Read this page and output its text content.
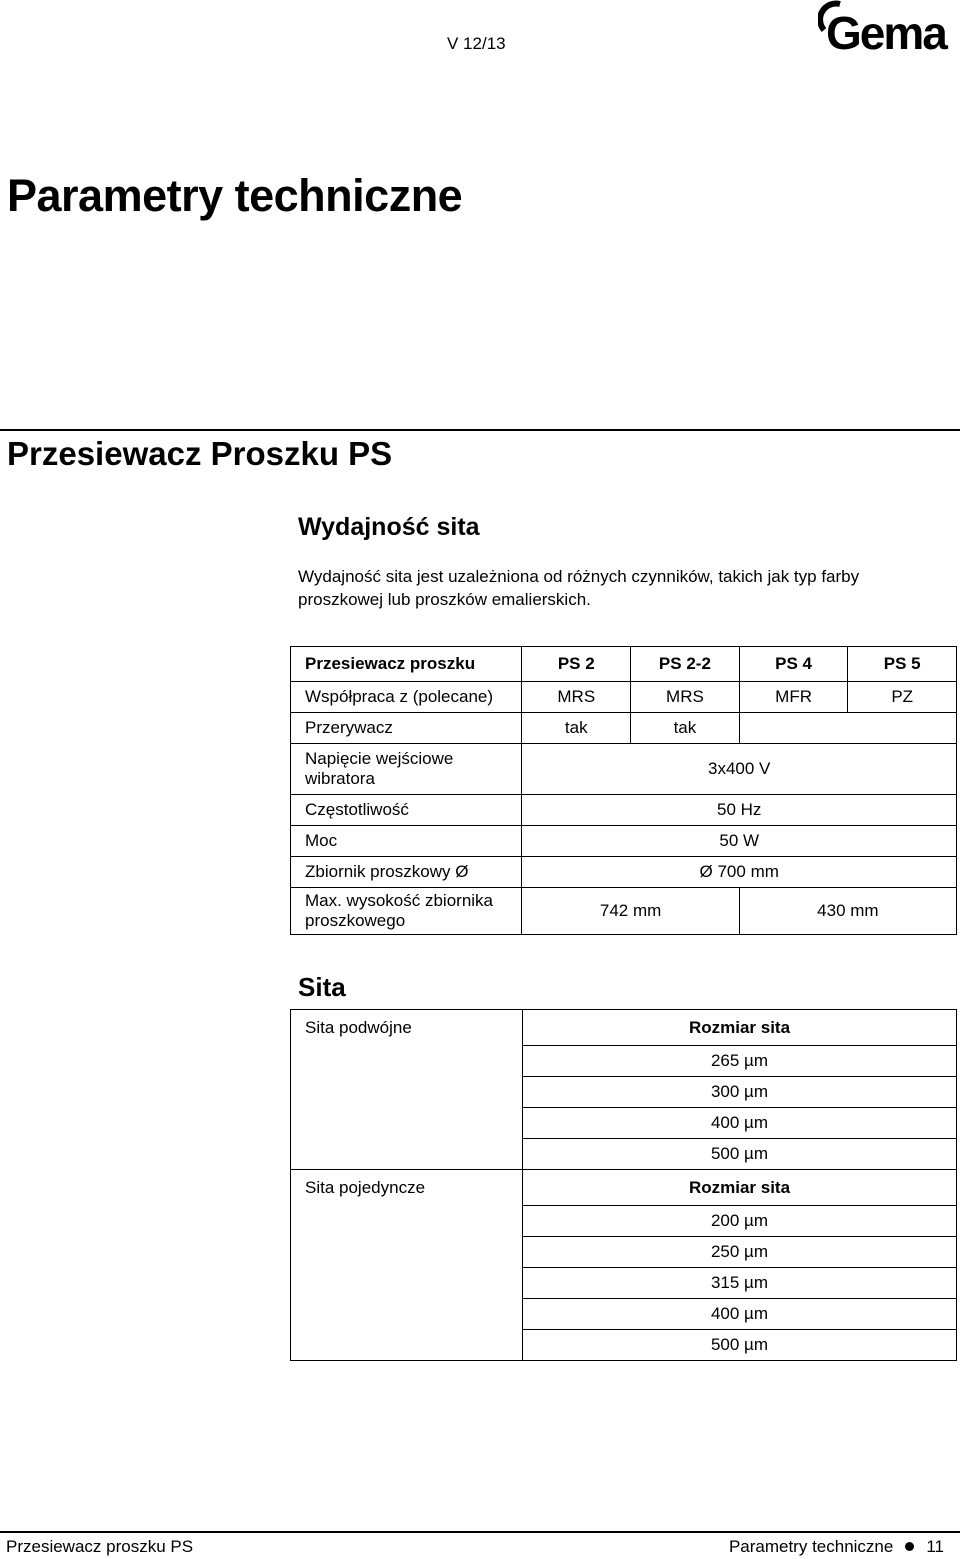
V 12/13	Gema
Parametry techniczne
Przesiewacz Proszku PS
Wydajność sita
Wydajność sita jest uzależniona od różnych czynników, takich jak typ farby proszkowej lub proszków emalierskich.
Przesiewacz proszku	PS 2	PS 2-2	PS 4	PS 5
Współpraca z (polecane)	MRS	MRS	MFR	PZ
Przerywacz	tak	tak		
Napięcie wejściowe wibratora	3x400 V			
Częstotliwość	50 Hz			
Moc	50 W			
Zbiornik proszkowy Ø	Ø 700 mm			
Max. wysokość zbiornika proszkowego	742 mm		430 mm	
Sita
Sita podwójne	Rozmiar sita
	265 µm
	300 µm
	400 µm
	500 µm
Sita pojedyncze	Rozmiar sita
	200 µm
	250 µm
	315 µm
	400 µm
	500 µm
Przesiewacz proszku PS	Parametry techniczne 11
